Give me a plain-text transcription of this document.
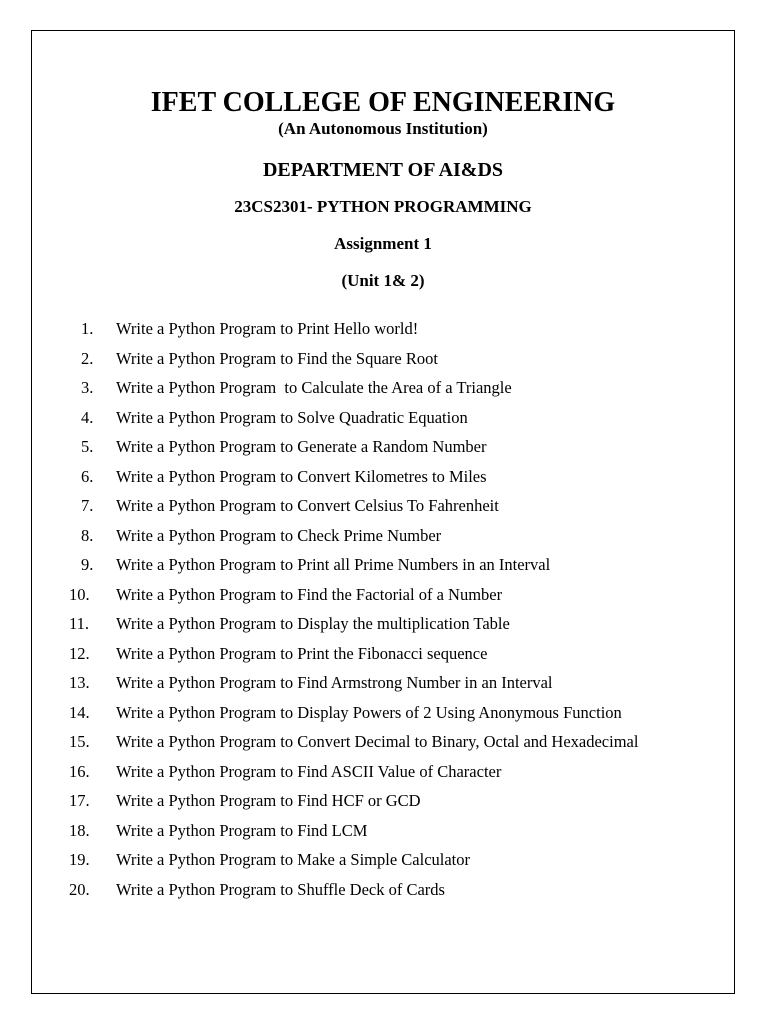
IFET COLLEGE OF ENGINEERING
(An Autonomous Institution)
DEPARTMENT OF AI&DS
23CS2301- PYTHON PROGRAMMING
Assignment 1
(Unit 1& 2)
1.	Write a Python Program to Print Hello world!
2.	Write a Python Program to Find the Square Root
3.	Write a Python Program  to Calculate the Area of a Triangle
4.	Write a Python Program to Solve Quadratic Equation
5.	Write a Python Program to Generate a Random Number
6.	Write a Python Program to Convert Kilometres to Miles
7.	Write a Python Program to Convert Celsius To Fahrenheit
8.	Write a Python Program to Check Prime Number
9.	Write a Python Program to Print all Prime Numbers in an Interval
10.	Write a Python Program to Find the Factorial of a Number
11.	Write a Python Program to Display the multiplication Table
12.	Write a Python Program to Print the Fibonacci sequence
13.	Write a Python Program to Find Armstrong Number in an Interval
14.	Write a Python Program to Display Powers of 2 Using Anonymous Function
15.	Write a Python Program to Convert Decimal to Binary, Octal and Hexadecimal
16.	Write a Python Program to Find ASCII Value of Character
17.	Write a Python Program to Find HCF or GCD
18.	Write a Python Program to Find LCM
19.	Write a Python Program to Make a Simple Calculator
20.	Write a Python Program to Shuffle Deck of Cards
